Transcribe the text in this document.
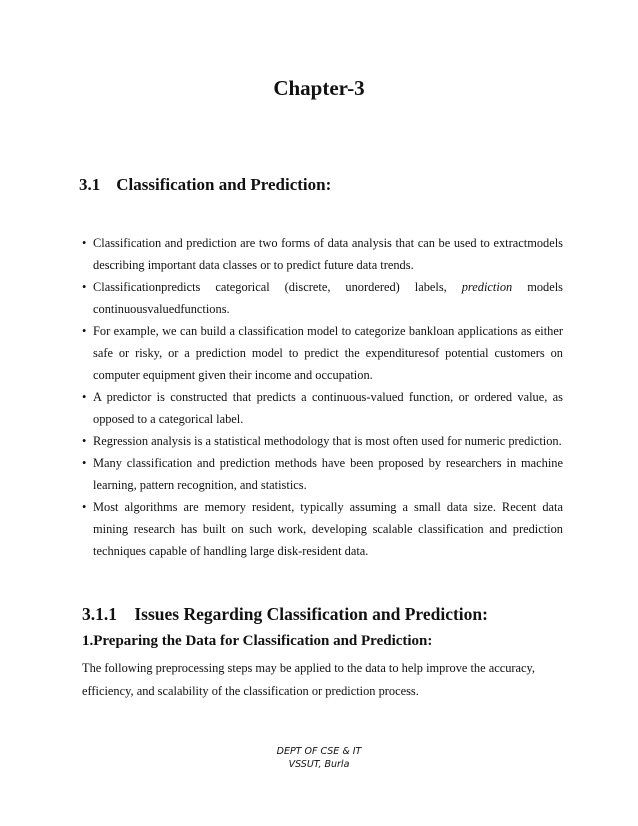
Chapter-3
3.1 Classification and Prediction:
• Classification and prediction are two forms of data analysis that can be used to extractmodels describing important data classes or to predict future data trends.
• Classificationpredicts categorical (discrete, unordered) labels, prediction models continuousvaluedfunctions.
• For example, we can build a classification model to categorize bankloan applications as either safe or risky, or a prediction model to predict the expendituresof potential customers on computer equipment given their income and occupation.
• A predictor is constructed that predicts a continuous-valued function, or ordered value, as opposed to a categorical label.
• Regression analysis is a statistical methodology that is most often used for numeric prediction.
• Many classification and prediction methods have been proposed by researchers in machine learning, pattern recognition, and statistics.
• Most algorithms are memory resident, typically assuming a small data size. Recent data mining research has built on such work, developing scalable classification and prediction techniques capable of handling large disk-resident data.
3.1.1 Issues Regarding Classification and Prediction:
1.Preparing the Data for Classification and Prediction:

The following preprocessing steps may be applied to the data to help improve the accuracy, efficiency, and scalability of the classification or prediction process.

DEPT OF CSE & IT
VSSUT, Burla
